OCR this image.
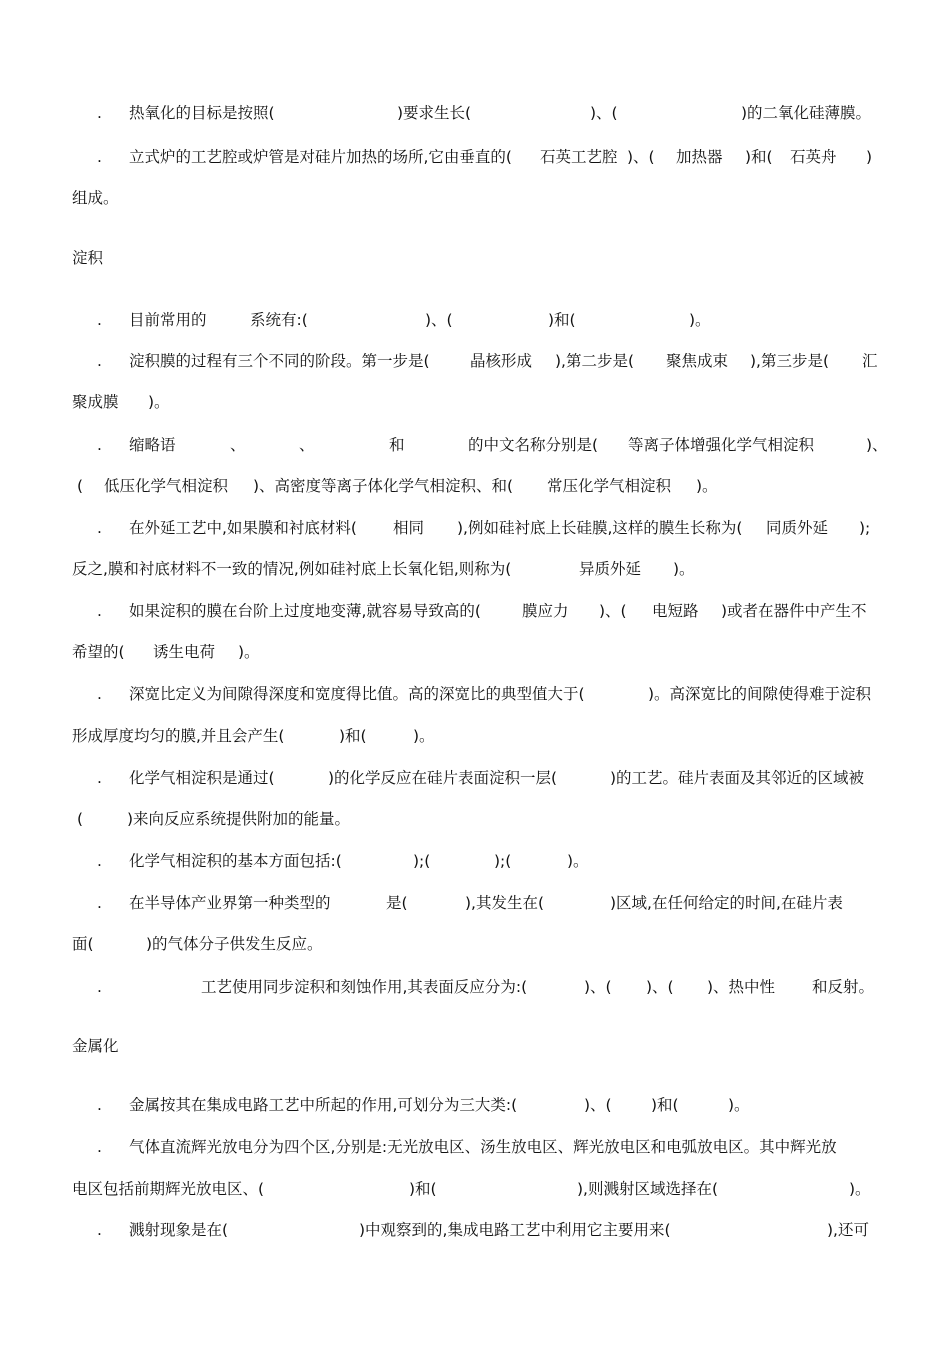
. 热氧化的目标是按照(	)要求生长(	)、(	)的二氧化硅薄膜。
. 立式炉的工艺腔或炉管是对硅片加热的场所,它由垂直的( 石英工艺腔 )、( 加热器 )和( 石英舟 )
组成。
. 目前常用的	系统有:(	)、(	)和(	)。
. 淀积膜的过程有三个不同的阶段。第一步是(	晶核形成 ),第二步是( 聚焦成束 ),第三步是( 汇
聚成膜 )。
. 缩略语	、	、	和	的中文名称分别是( 等离子体增强化学气相淀积	)、
( 低压化学气相淀积 )、高密度等离子体化学气相淀积、和( 常压化学气相淀积 )。
. 在外延工艺中,如果膜和衬底材料( 相同 ),例如硅衬底上长硅膜,这样的膜生长称为( 同质外延 );
反之,膜和衬底材料不一致的情况,例如硅衬底上长氧化铝,则称为(	异质外延 )。
. 如果淀积的膜在台阶上过度地变薄,就容易导致高的(	膜应力 )、( 电短路 )或者在器件中产生不
希望的( 诱生电荷 )。
. 深宽比定义为间隙得深度和宽度得比值。高的深宽比的典型值大于(	)。高深宽比的间隙使得难于淀积
形成厚度均匀的膜,并且会产生(	)和(	)。
. 化学气相淀积是通过(	)的化学反应在硅片表面淀积一层(	)的工艺。硅片表面及其邻近的区域被
(	)来向反应系统提供附加的能量。
. 化学气相淀积的基本方面包括:(	);(	);(	)。
. 在半导体产业界第一种类型的	是(	),其发生在(	)区域,在任何给定的时间,在硅片表
面(	)的气体分子供发生反应。
.	工艺使用同步淀积和刻蚀作用,其表面反应分为:(	)、( )、( )、热中性 和反射。
. 金属按其在集成电路工艺中所起的作用,可划分为三大类:(	)、(	)和(	)。
. 气体直流辉光放电分为四个区,分别是:无光放电区、汤生放电区、辉光放电区和电弧放电区。其中辉光放
电区包括前期辉光放电区、(	)和(	),则溅射区域选择在(	)。
. 溅射现象是在(	)中观察到的,集成电路工艺中利用它主要用来(	),还可
淀积
金属化
